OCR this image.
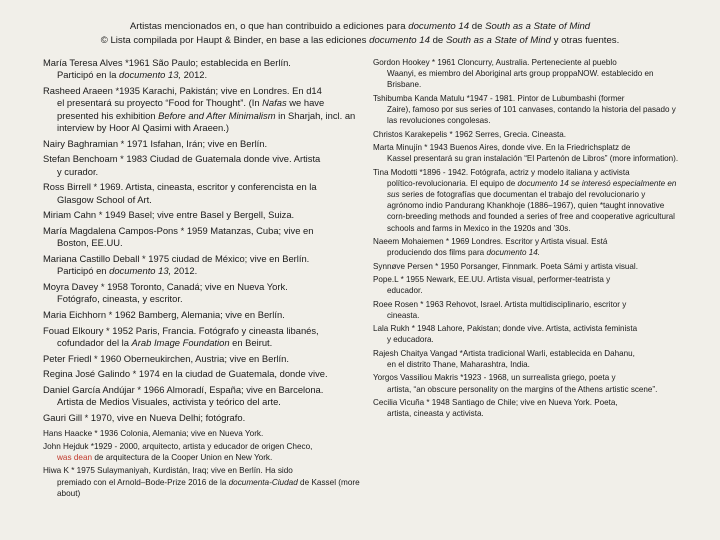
Artistas mencionados en, o que han contribuido a ediciones para documento 14 de South as a State of Mind
© Lista compilada por Haupt & Binder, en base a las ediciones documento 14 de South as a State of Mind y otras fuentes.
María Teresa Alves *1961 São Paulo; establecida en Berlín.
Participó en la documento 13, 2012.
Rasheed Araeen *1935 Karachi, Pakistán; vive en Londres. En d14
el presentará su proyecto “Food for Thought”. (In Nafas we have presented his exhibition Before and After Minimalism in Sharjah, incl. an interview by Hoor Al Qasimi with Araeen.)
Nairy Baghramian * 1971 Isfahan, Irán; vive en Berlín.
Stefan Benchoam * 1983 Ciudad de Guatemala donde vive. Artista
y curador.
Ross Birrell * 1969. Artista, cineasta, escritor y conferencista en la
Glasgow School of Art.
Miriam Cahn * 1949 Basel; vive entre Basel y Bergell, Suiza.
María Magdalena Campos-Pons * 1959 Matanzas, Cuba; vive en
Boston, EE.UU.
Mariana Castillo Deball * 1975 ciudad de México; vive en Berlín.
Participó en documento 13, 2012.
Moyra Davey * 1958 Toronto, Canadá; vive en Nueva York.
Fotógrafo, cineasta, y escritor.
Maria Eichhorn * 1962 Bamberg, Alemania; vive en Berlín.
Fouad Elkoury * 1952 Paris, Francia. Fotógrafo y cineasta libanés,
cofundador del la Arab Image Foundation en Beirut.
Peter Friedl * 1960 Oberneukirchen, Austria; vive en Berlín.
Regina José Galindo * 1974 en la ciudad de Guatemala, donde vive.
Daniel García Andújar * 1966 Almoradí, España; vive en Barcelona.
Artista de Medios Visuales, activista y teórico del arte.
Gauri Gill * 1970, vive en Nueva Delhi; fotógrafo.
Hans Haacke * 1936 Colonia, Alemania; vive en Nueva York.
John Hejduk *1929 - 2000, arquitecto, artista y educador de origen Checo,
was dean de arquitectura de la Cooper Union en New York.
Hiwa K * 1975 Sulaymaniyah, Kurdistán, Iraq; vive en Berlín. Ha sido
premiado con el Arnold–Bode-Prize 2016 de la documenta-Ciudad de Kassel (more about)
Gordon Hookey * 1961 Cloncurry, Australia. Perteneciente al pueblo
Waanyi, es miembro del Aboriginal arts group proppaNOW. establecido en Brisbane.
Tshibumba Kanda Matulu *1947 - 1981. Pintor de Lubumbashi (former
Zaire), famoso por sus series of 101 canvases, contando la historia del pasado y las revoluciones congolesas.
Christos Karakepelis * 1962 Serres, Grecia. Cineasta.
Marta Minujín * 1943 Buenos Aires, donde vive. En la Friedrichsplatz de
Kassel presentará su gran instalación “El Partenón de Libros” (more information).
Tina Modotti *1896 - 1942. Fotógrafa, actriz y modelo italiana y activista
político-revolucionaria. El equipo de documento 14 se interesó especialmente en sus series de fotografías que documentan el trabajo del revolucionario y agrónomo indio Pandurang Khankhoje (1886–1967), quien *taught innovative corn-breeding methods and founded a series of free and cooperative agricultural schools and farms in Mexico in the 1920s and ’30s.
Naeem Mohaiemen * 1969 Londres. Escritor y Artista visual. Está
produciendo dos films para documento 14.
Synnøve Persen * 1950 Porsanger, Finnmark. Poeta Sámi y artista visual.
Pope.L * 1955 Newark, EE.UU. Artista visual, performer-teatrista y
educador.
Roee Rosen * 1963 Rehovot, Israel. Artista multidisciplinario, escritor y
cineasta.
Lala Rukh * 1948 Lahore, Pakistan; donde vive. Artista, activista feminista
y educadora.
Rajesh Chaitya Vangad *Artista tradicional Warli, establecida en Dahanu,
en el distrito Thane, Maharashtra, India.
Yorgos Vassiliou Makris *1923 - 1968, un surrealista griego, poeta y
artista, “an obscure personality on the margins of the Athens artistic scene”.
Cecilia Vicuña * 1948 Santiago de Chile; vive en Nueva York. Poeta,
artista, cineasta y activista.
